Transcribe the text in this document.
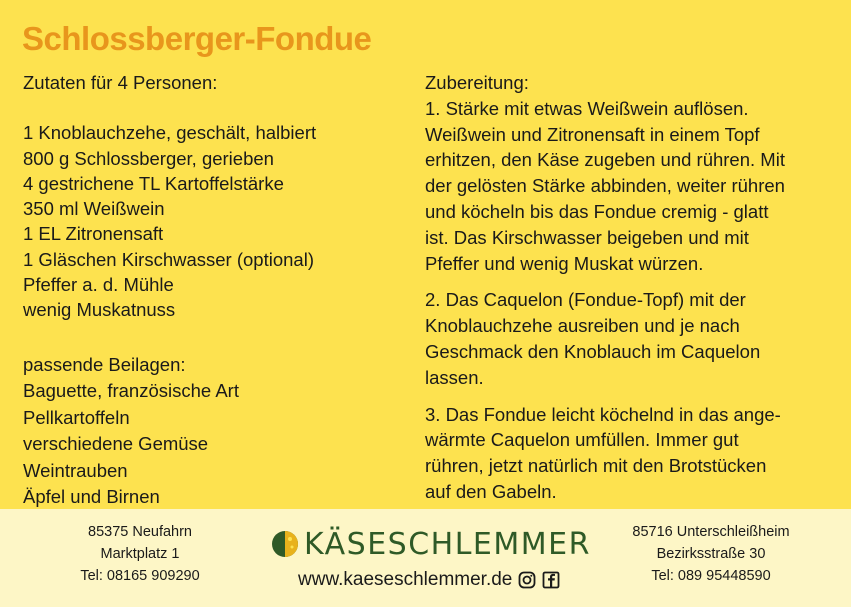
Schlossberger-Fondue
Zutaten für 4 Personen:
1 Knoblauchzehe, geschält, halbiert
800 g Schlossberger, gerieben
4 gestrichene TL Kartoffelstärke
350 ml Weißwein
1 EL Zitronensaft
1 Gläschen Kirschwasser (optional)
Pfeffer a. d. Mühle
wenig Muskatnuss
passende Beilagen:
Baguette, französische Art
Pellkartoffeln
verschiedene Gemüse
Weintrauben
Äpfel und Birnen
Zubereitung:
1. Stärke mit etwas Weißwein auflösen.
Weißwein und Zitronensaft in einem Topf
erhitzen, den Käse zugeben und rühren. Mit
der gelösten Stärke abbinden, weiter rühren
und köcheln bis das Fondue cremig - glatt
ist. Das Kirschwasser beigeben und mit
Pfeffer und wenig Muskat würzen.
2. Das Caquelon (Fondue-Topf) mit der
Knoblauchzehe ausreiben und je nach
Geschmack den Knoblauch im Caquelon
lassen.
3. Das Fondue leicht köchelnd in das ange-
wärmte Caquelon umfüllen. Immer gut
rühren, jetzt natürlich mit den Brotstücken
auf den Gabeln.
85375 Neufahrn
Marktplatz 1
Tel: 08165 909290
KÄSESCHLEMMER
www.kaeseschlemmer.de
85716 Unterschleißheim
Bezirksstraße 30
Tel: 089 95448590
